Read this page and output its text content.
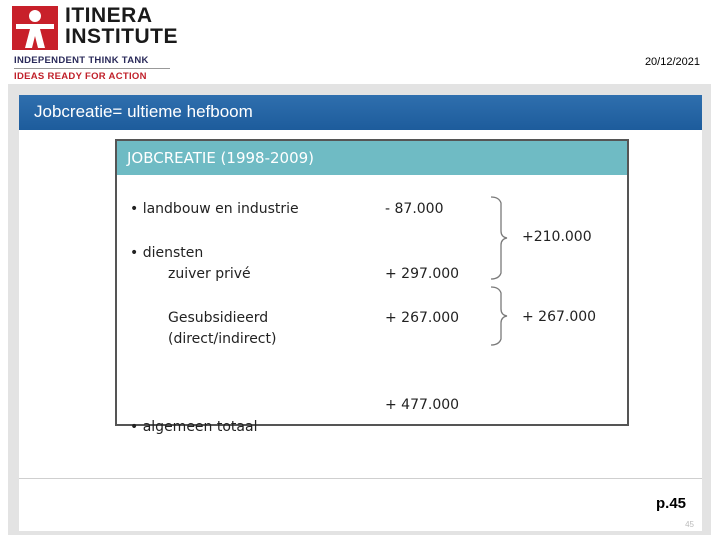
ITINERA
INSTITUTE
INDEPENDENT THINK TANK
IDEAS READY FOR ACTION
20/12/2021
Jobcreatie= ultieme hefboom
JOBCREATIE (1998-2009)
• landbouw en industrie	- 87.000
• diensten
zuiver privé	+ 297.000
Gesubsidieerd
(direct/indirect)
+ 267.000
+ 477.000
• algemeen totaal
+210.000
+ 267.000
p.45
45
